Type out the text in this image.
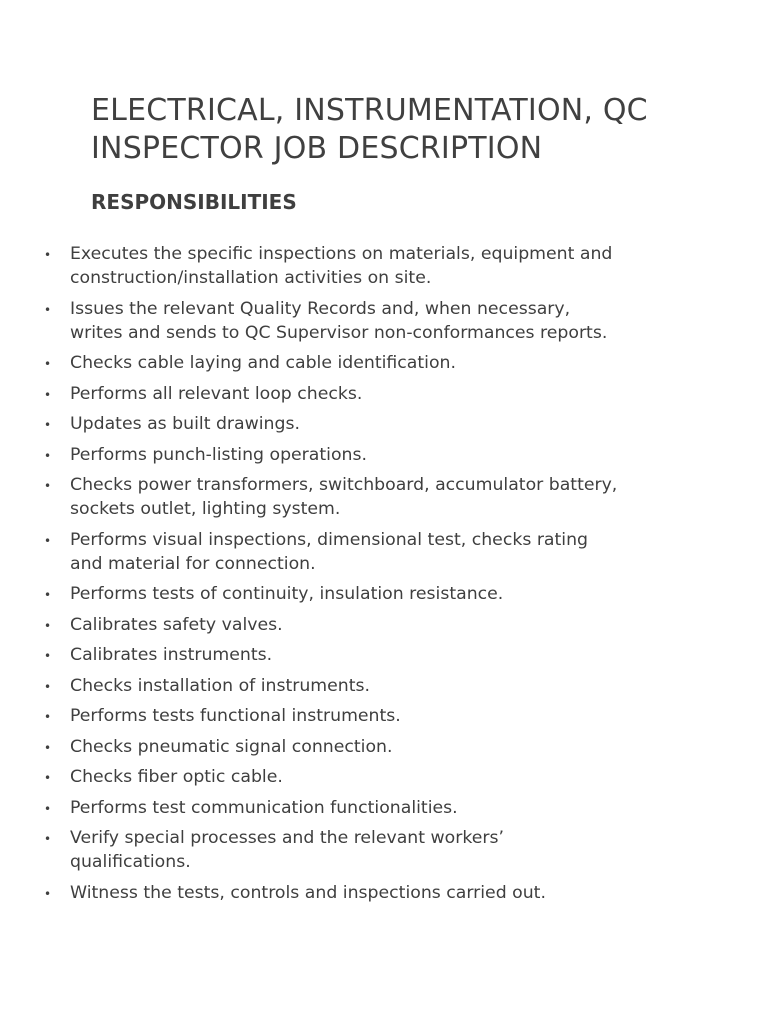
ELECTRICAL, INSTRUMENTATION, QC
INSPECTOR JOB DESCRIPTION
RESPONSIBILITIES
• Executes the specific inspections on materials, equipment and
construction/installation activities on site.
• Issues the relevant Quality Records and, when necessary,
writes and sends to QC Supervisor non-conformances reports.
• Checks cable laying and cable identification.
• Performs all relevant loop checks.
• Updates as built drawings.
• Performs punch-listing operations.
• Checks power transformers, switchboard, accumulator battery,
sockets outlet, lighting system.
• Performs visual inspections, dimensional test, checks rating
and material for connection.
• Performs tests of continuity, insulation resistance.
• Calibrates safety valves.
• Calibrates instruments.
• Checks installation of instruments.
• Performs tests functional instruments.
• Checks pneumatic signal connection.
• Checks fiber optic cable.
• Performs test communication functionalities.
• Verify special processes and the relevant workers’
qualifications.
• Witness the tests, controls and inspections carried out.
